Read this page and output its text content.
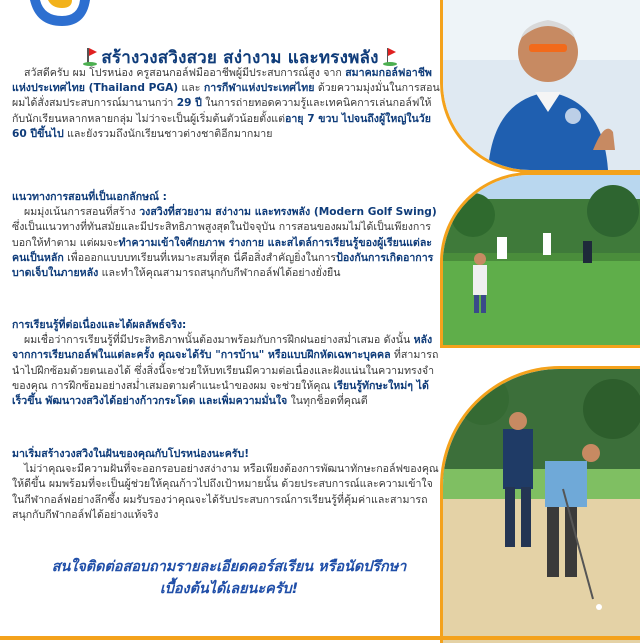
สร้างวงสวิงสวย สง่างาม และทรงพลัง

สวัสดีครับ ผม โปรหน่อง ครูสอนกอล์ฟมืออาชีพผู้มีประสบการณ์สูง จาก สมาคมกอล์ฟอาชีพแห่งประเทศไทย (Thailand PGA) และ การกีฬาแห่งประเทศไทย ด้วยความมุ่งมั่นในการสอน ผมได้สั่งสมประสบการณ์มานานกว่า 29 ปี ในการถ่ายทอดความรู้และเทคนิคการเล่นกอล์ฟให้กับนักเรียนหลากหลายกลุ่ม ไม่ว่าจะเป็นผู้เริ่มต้นตัวน้อยตั้งแต่อายุ 7 ขวบ ไปจนถึงผู้ใหญ่ในวัย 60 ปีขึ้นไป และยังรวมถึงนักเรียนชาวต่างชาติอีกมากมาย

แนวทางการสอนที่เป็นเอกลักษณ์ :

ผมมุ่งเน้นการสอนที่สร้าง วงสวิงที่สวยงาม สง่างาม และทรงพลัง (Modern Golf Swing) ซึ่งเป็นแนวทางที่ทันสมัยและมีประสิทธิภาพสูงสุดในปัจจุบัน การสอนของผมไม่ได้เป็นเพียงการบอกให้ทำตาม แต่ผมจะทำความเข้าใจศักยภาพ ร่างกาย และสไตล์การเรียนรู้ของผู้เรียนแต่ละคนเป็นหลัก เพื่อออกแบบบทเรียนที่เหมาะสมที่สุด นี่คือสิ่งสำคัญยิ่งในการป้องกันการเกิดอาการบาดเจ็บในภายหลัง และทำให้คุณสามารถสนุกกับกีฬากอล์ฟได้อย่างยั่งยืน

การเรียนรู้ที่ต่อเนื่องและได้ผลลัพธ์จริง:

ผมเชื่อว่าการเรียนรู้ที่มีประสิทธิภาพนั้นต้องมาพร้อมกับการฝึกฝนอย่างสม่ำเสมอ ดังนั้น หลังจากการเรียนกอล์ฟในแต่ละครั้ง คุณจะได้รับ "การบ้าน" หรือแบบฝึกหัดเฉพาะบุคคล ที่สามารถนำไปฝึกซ้อมด้วยตนเองได้ ซึ่งสิ่งนี้จะช่วยให้บทเรียนมีความต่อเนื่องและฝังแน่นในความทรงจำของคุณ การฝึกซ้อมอย่างสม่ำเสมอตามคำแนะนำของผม จะช่วยให้คุณ เรียนรู้ทักษะใหม่ๆ ได้เร็วขึ้น พัฒนาวงสวิงได้อย่างก้าวกระโดด และเพิ่มความมั่นใจ ในทุกช็อตที่คุณตี

มาเริ่มสร้างวงสวิงในฝันของคุณกับโปรหน่องนะครับ!

ไม่ว่าคุณจะมีความฝันที่จะออกรอบอย่างสง่างาม หรือเพียงต้องการพัฒนาทักษะกอล์ฟของคุณให้ดีขึ้น ผมพร้อมที่จะเป็นผู้ช่วยให้คุณก้าวไปถึงเป้าหมายนั้น ด้วยประสบการณ์และความเข้าใจในกีฬากอล์ฟอย่างลึกซึ้ง ผมรับรองว่าคุณจะได้รับประสบการณ์การเรียนรู้ที่คุ้มค่าและสามารถสนุกกับกีฬากอล์ฟได้อย่างแท้จริง

สนใจติดต่อสอบถามรายละเอียดคอร์สเรียน หรือนัดปรึกษา
เบื้องต้นได้เลยนะครับ!
